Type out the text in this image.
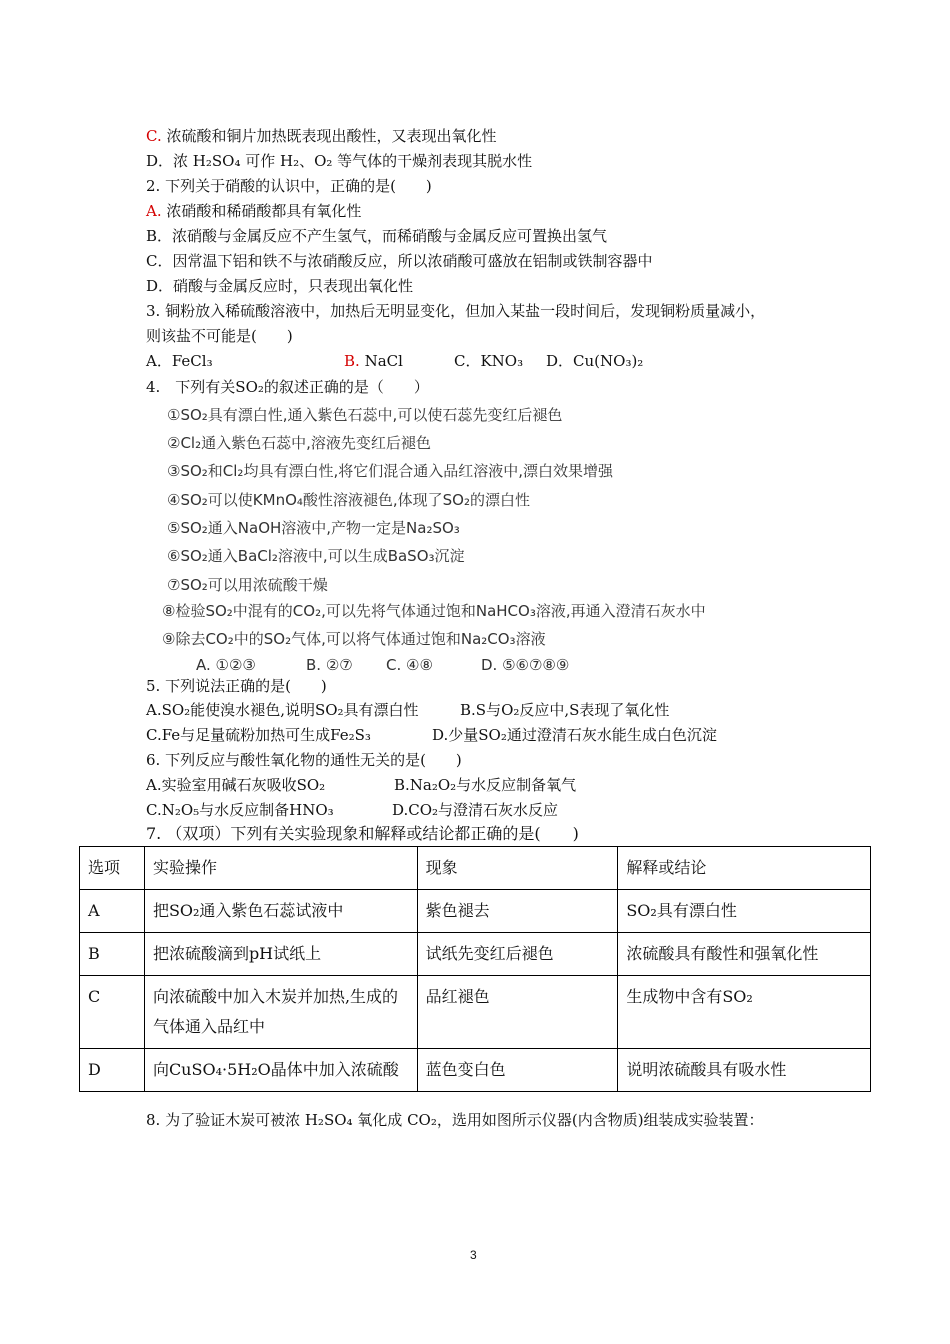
C. 浓硫酸和铜片加热既表现出酸性，又表现出氧化性
D．浓 H₂SO₄ 可作 H₂、O₂ 等气体的干燥剂表现其脱水性
2. 下列关于硝酸的认识中，正确的是(　　)
A. 浓硝酸和稀硝酸都具有氧化性
B．浓硝酸与金属反应不产生氢气，而稀硝酸与金属反应可置换出氢气
C．因常温下铝和铁不与浓硝酸反应，所以浓硝酸可盛放在铝制或铁制容器中
D．硝酸与金属反应时，只表现出氧化性
3. 铜粉放入稀硫酸溶液中，加热后无明显变化，但加入某盐一段时间后，发现铜粉质量减小，
则该盐不可能是(　　)
A．FeCl₃	B. NaCl	C．KNO₃ D．Cu(NO₃)₂
4.　下列有关SO₂的叙述正确的是（　　）
①SO₂具有漂白性,通入紫色石蕊中,可以使石蕊先变红后褪色
②Cl₂通入紫色石蕊中,溶液先变红后褪色
③SO₂和Cl₂均具有漂白性,将它们混合通入品红溶液中,漂白效果增强
④SO₂可以使KMnO₄酸性溶液褪色,体现了SO₂的漂白性
⑤SO₂通入NaOH溶液中,产物一定是Na₂SO₃
⑥SO₂通入BaCl₂溶液中,可以生成BaSO₃沉淀
⑦SO₂可以用浓硫酸干燥
⑧检验SO₂中混有的CO₂,可以先将气体通过饱和NaHCO₃溶液,再通入澄清石灰水中
⑨除去CO₂中的SO₂气体,可以将气体通过饱和Na₂CO₃溶液
A. ①②③	B. ②⑦ C. ④⑧	D. ⑤⑥⑦⑧⑨
5. 下列说法正确的是(　　)
A.SO₂能使溴水褪色,说明SO₂具有漂白性	B.S与O₂反应中,S表现了氧化性
C.Fe与足量硫粉加热可生成Fe₂S₃	D.少量SO₂通过澄清石灰水能生成白色沉淀
6. 下列反应与酸性氧化物的通性无关的是(　　)
A.实验室用碱石灰吸收SO₂	B.Na₂O₂与水反应制备氧气
C.N₂O₅与水反应制备HNO₃	D.CO₂与澄清石灰水反应
7. （双项）下列有关实验现象和解释或结论都正确的是(　　)
选项	实验操作	现象	解释或结论
A	把SO₂通入紫色石蕊试液中	紫色褪去	SO₂具有漂白性
B	把浓硫酸滴到pH试纸上	试纸先变红后褪色	浓硫酸具有酸性和强氧化性
C	向浓硫酸中加入木炭并加热,生成的气体通入品红中	品红褪色	生成物中含有SO₂
D	向CuSO₄·5H₂O晶体中加入浓硫酸	蓝色变白色	说明浓硫酸具有吸水性
8. 为了验证木炭可被浓 H₂SO₄ 氧化成 CO₂，选用如图所示仪器(内含物质)组装成实验装置：
3
